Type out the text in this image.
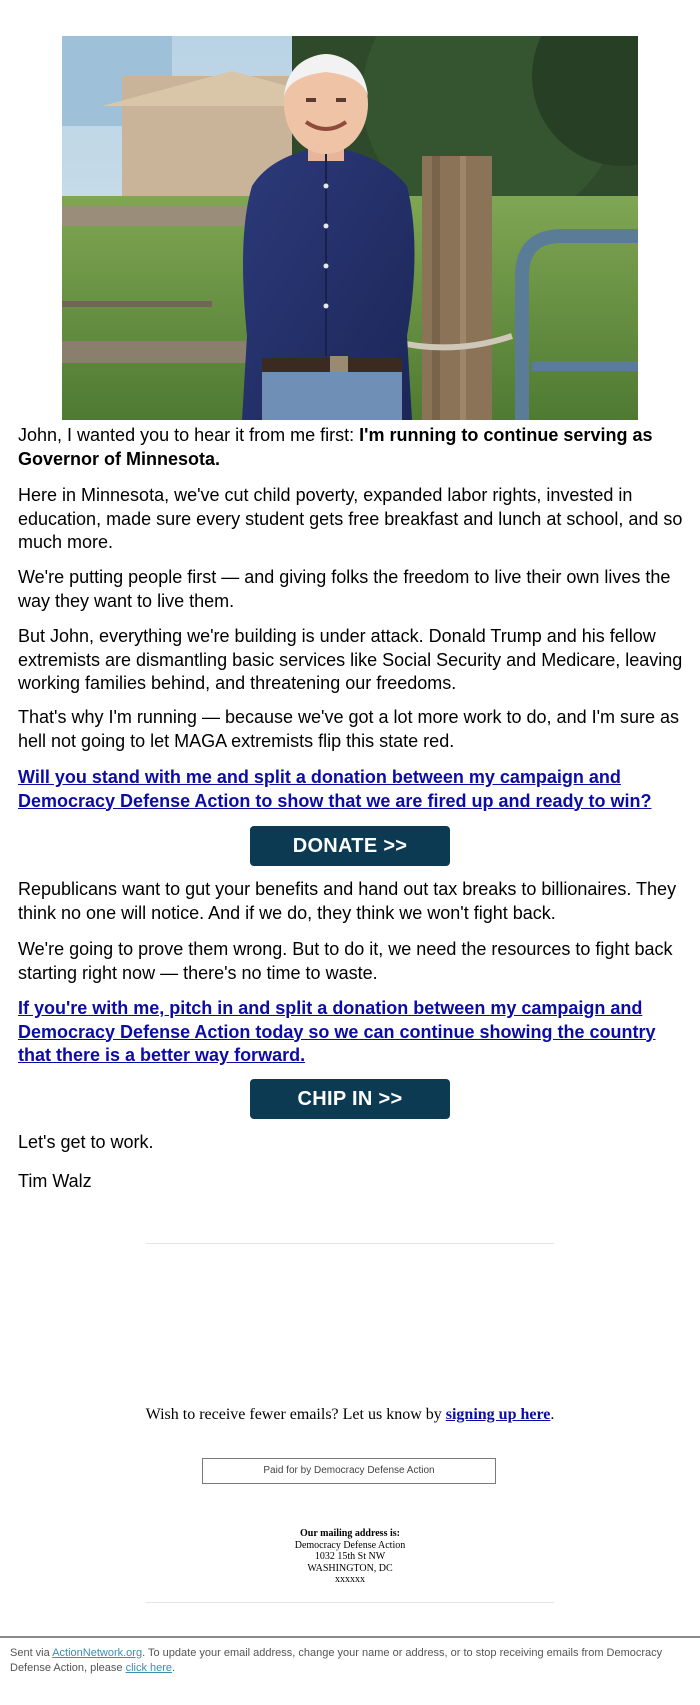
John, I wanted you to hear it from me first: I'm running to continue serving as Governor of Minnesota.

Here in Minnesota, we've cut child poverty, expanded labor rights, invested in education, made sure every student gets free breakfast and lunch at school, and so much more.

We're putting people first — and giving folks the freedom to live their own lives the way they want to live them.

But John, everything we're building is under attack. Donald Trump and his fellow extremists are dismantling basic services like Social Security and Medicare, leaving working families behind, and threatening our freedoms.

That's why I'm running — because we've got a lot more work to do, and I'm sure as hell not going to let MAGA extremists flip this state red.

Will you stand with me and split a donation between my campaign and Democracy Defense Action to show that we are fired up and ready to win?

DONATE >>

Republicans want to gut your benefits and hand out tax breaks to billionaires. They think no one will notice. And if we do, they think we won't fight back.

We're going to prove them wrong. But to do it, we need the resources to fight back starting right now — there's no time to waste.

If you're with me, pitch in and split a donation between my campaign and Democracy Defense Action today so we can continue showing the country that there is a better way forward.

CHIP IN >>

Let's get to work.

Tim Walz

Wish to receive fewer emails? Let us know by signing up here.
Paid for by Democracy Defense Action
Our mailing address is:
Democracy Defense Action
1032 15th St NW
WASHINGTON, DC
xxxxxx
Sent via ActionNetwork.org. To update your email address, change your name or address, or to stop receiving emails from Democracy Defense Action, please click here.
